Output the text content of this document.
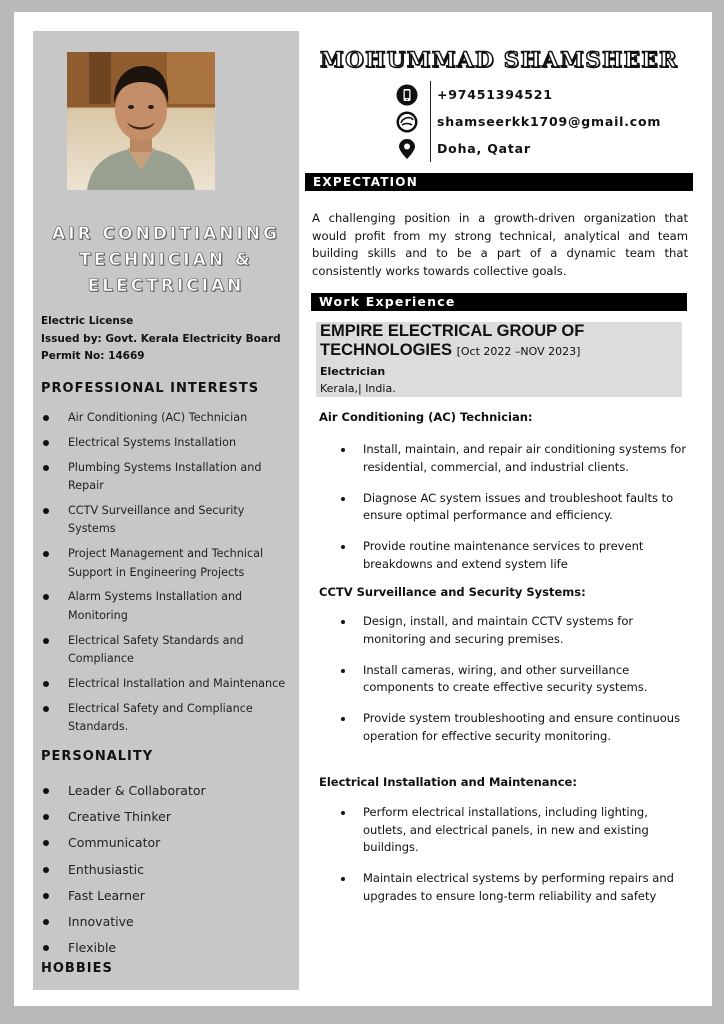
AIR CONDITIANING
TECHNICIAN &
ELECTRICIAN
Electric License
Issued by: Govt. Kerala Electricity Board
Permit No: 14669
PROFESSIONAL INTERESTS
Air Conditioning (AC) Technician
Electrical Systems Installation
Plumbing Systems Installation and Repair
CCTV Surveillance and Security Systems
Project Management and Technical Support in Engineering Projects
Alarm Systems Installation and Monitoring
Electrical Safety Standards and Compliance
Electrical Installation and Maintenance
Electrical Safety and Compliance Standards.
PERSONALITY
Leader & Collaborator
Creative Thinker
Communicator
Enthusiastic
Fast Learner
Innovative
Flexible
HOBBIES
MOHUMMAD SHAMSHEER
+97451394521
shamseerkk1709@gmail.com
Doha, Qatar
EXPECTATION
A challenging position in a growth-driven organization that would profit from my strong technical, analytical and team building skills and to be a part of a dynamic team that consistently works towards collective goals.
Work Experience
EMPIRE ELECTRICAL GROUP OF TECHNOLOGIES [Oct 2022 –NOV 2023]
Electrician
Kerala,| India.
Air Conditioning (AC) Technician:
Install, maintain, and repair air conditioning systems for residential, commercial, and industrial clients.
Diagnose AC system issues and troubleshoot faults to ensure optimal performance and efficiency.
Provide routine maintenance services to prevent breakdowns and extend system life
CCTV Surveillance and Security Systems:
Design, install, and maintain CCTV systems for monitoring and securing premises.
Install cameras, wiring, and other surveillance components to create effective security systems.
Provide system troubleshooting and ensure continuous operation for effective security monitoring.
Electrical Installation and Maintenance:
Perform electrical installations, including lighting, outlets, and electrical panels, in new and existing buildings.
Maintain electrical systems by performing repairs and upgrades to ensure long-term reliability and safety
